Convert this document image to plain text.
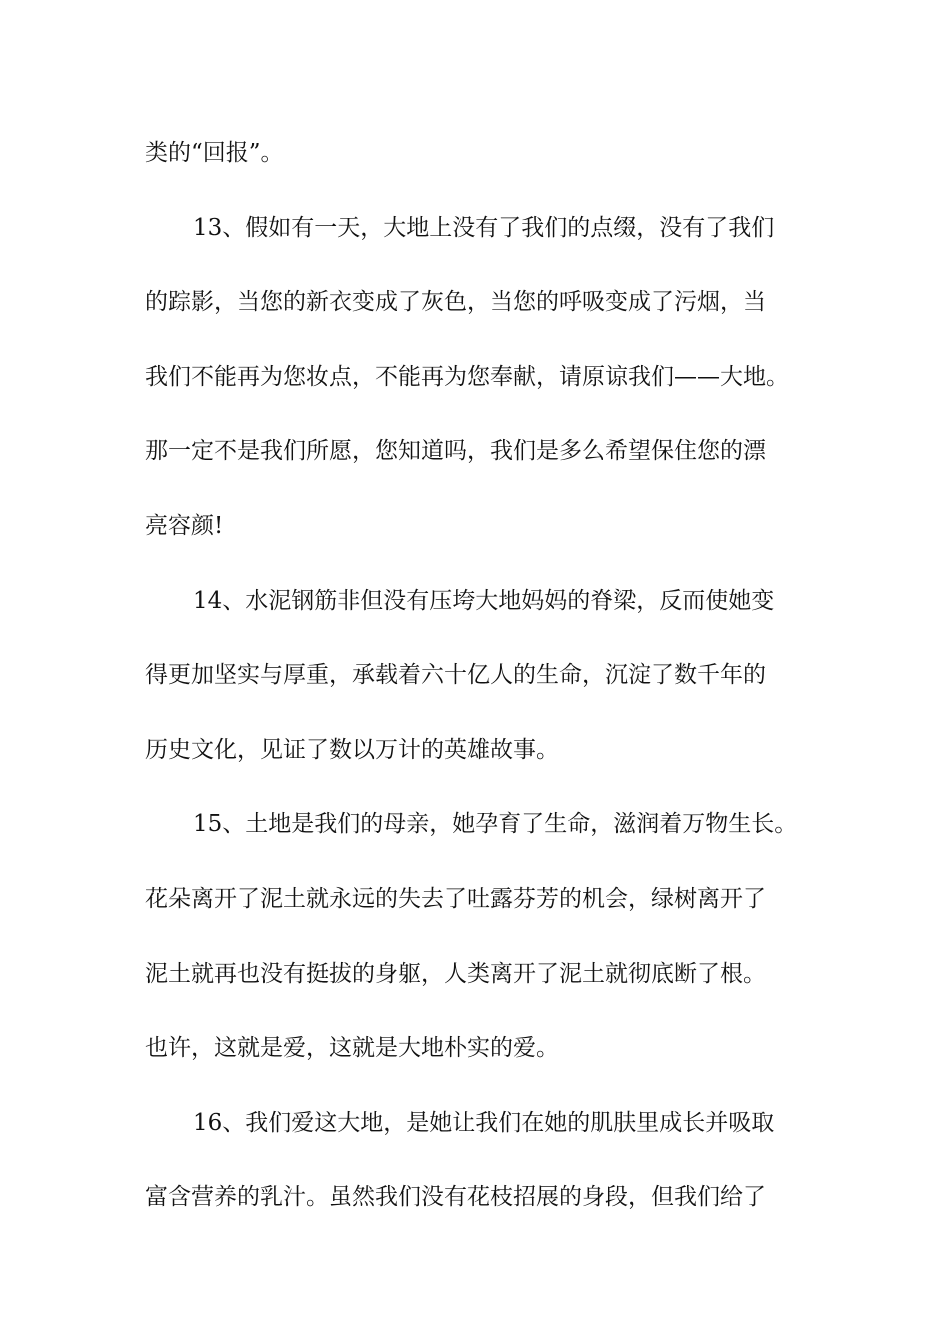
类的“回报”。
13、假如有一天，大地上没有了我们的点缀，没有了我们
的踪影，当您的新衣变成了灰色，当您的呼吸变成了污烟，当
我们不能再为您妆点，不能再为您奉献，请原谅我们——大地。
那一定不是我们所愿，您知道吗，我们是多么希望保住您的漂
亮容颜!
14、水泥钢筋非但没有压垮大地妈妈的脊梁，反而使她变
得更加坚实与厚重，承载着六十亿人的生命，沉淀了数千年的
历史文化，见证了数以万计的英雄故事。
15、土地是我们的母亲，她孕育了生命，滋润着万物生长。
花朵离开了泥土就永远的失去了吐露芬芳的机会，绿树离开了
泥土就再也没有挺拔的身躯，人类离开了泥土就彻底断了根。
也许，这就是爱，这就是大地朴实的爱。
16、我们爱这大地，是她让我们在她的肌肤里成长并吸取
富含营养的乳汁。虽然我们没有花枝招展的身段，但我们给了
